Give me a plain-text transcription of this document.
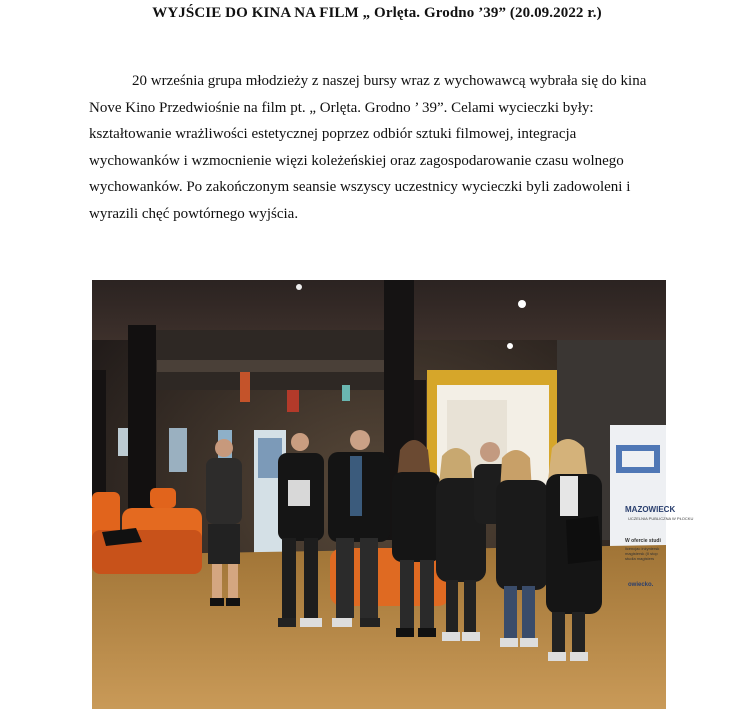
WYJŚCIE DO KINA NA FILM „ Orlęta. Grodno ’39” (20.09.2022 r.)
20 września grupa młodzieży z naszej bursy wraz z wychowawcą wybrała się do kina
Nove Kino Przedwiośnie na film pt. „ Orlęta. Grodno ’ 39”. Celami wycieczki były:
kształtowanie wrażliwości estetycznej poprzez odbiór sztuki filmowej, integracja
wychowanków i wzmocnienie więzi koleżeńskiej oraz zagospodarowanie czasu wolnego
wychowanków. Po zakończonym seansie wszyscy uczestnicy wycieczki byli zadowoleni i
wyrazili chęć powtórnego wyjścia.
MAZOWIECK
UCZELNIA PUBLICZNA W PŁOCKU
W ofercie studi
licencjac inżyniersk magistersk (II stop studia magisters
owiecko.
